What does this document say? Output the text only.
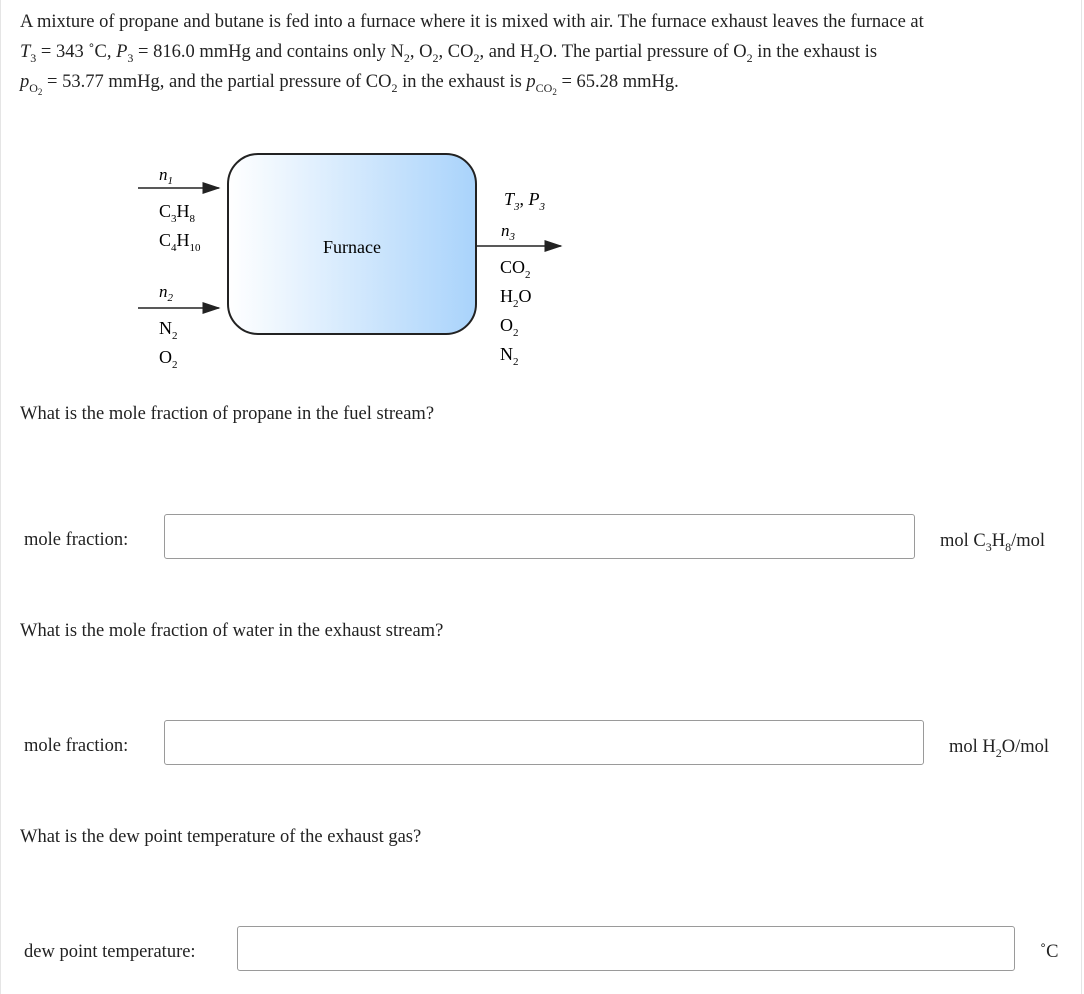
A mixture of propane and butane is fed into a furnace where it is mixed with air. The furnace exhaust leaves the furnace at
$T_3 = 343$ ˚C, $P_3 = 816.0$ mmHg and contains only $N_2$, $O_2$, $CO_2$, and $H_2O$. The partial pressure of $O_2$ in the exhaust is
$p_{O_2} = 53.77$ mmHg, and the partial pressure of $CO_2$ in the exhaust is $p_{CO_2} = 65.28$ mmHg.
Furnace
$n_1$
$C_3H_8$
$C_4H_{10}$
$n_2$
$N_2$
$O_2$
$T_3$, $P_3$
$n_3$
$CO_2$
$H_2O$
$O_2$
$N_2$
What is the mole fraction of propane in the fuel stream?
mole fraction:	mol $C_3H_8$/mol
What is the mole fraction of water in the exhaust stream?
mole fraction:	mol $H_2O$/mol
What is the dew point temperature of the exhaust gas?
dew point temperature:	˚C
